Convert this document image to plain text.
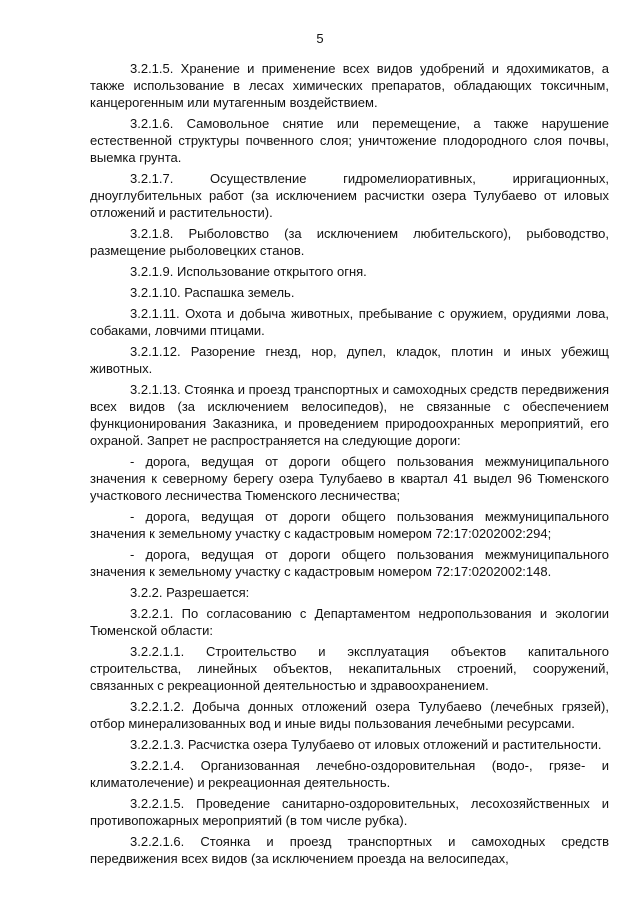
5

3.2.1.5. Хранение и применение всех видов удобрений и ядохимикатов, а также использование в лесах химических препаратов, обладающих токсичным, канцерогенным или мутагенным воздействием.

3.2.1.6. Самовольное снятие или перемещение, а также нарушение естественной структуры почвенного слоя; уничтожение плодородного слоя почвы, выемка грунта.

3.2.1.7. Осуществление гидромелиоративных, ирригационных, дноуглубительных работ (за исключением расчистки озера Тулубаево от иловых отложений и растительности).

3.2.1.8. Рыболовство (за исключением любительского), рыбоводство, размещение рыболовецких станов.

3.2.1.9. Использование открытого огня.

3.2.1.10. Распашка земель.

3.2.1.11. Охота и добыча животных, пребывание с оружием, орудиями лова, собаками, ловчими птицами.

3.2.1.12. Разорение гнезд, нор, дупел, кладок, плотин и иных убежищ животных.

3.2.1.13. Стоянка и проезд транспортных и самоходных средств передвижения всех видов (за исключением велосипедов), не связанные с обеспечением функционирования Заказника, и проведением природоохранных мероприятий, его охраной. Запрет не распространяется на следующие дороги:

- дорога, ведущая от дороги общего пользования межмуниципального значения к северному берегу озера Тулубаево в квартал 41 выдел 96 Тюменского участкового лесничества Тюменского лесничества;

- дорога, ведущая от дороги общего пользования межмуниципального значения к земельному участку с кадастровым номером 72:17:0202002:294;

- дорога, ведущая от дороги общего пользования межмуниципального значения к земельному участку с кадастровым номером 72:17:0202002:148.

3.2.2. Разрешается:

3.2.2.1. По согласованию с Департаментом недропользования и экологии Тюменской области:

3.2.2.1.1. Строительство и эксплуатация объектов капитального строительства, линейных объектов, некапитальных строений, сооружений, связанных с рекреационной деятельностью и здравоохранением.

3.2.2.1.2. Добыча донных отложений озера Тулубаево (лечебных грязей), отбор минерализованных вод и иные виды пользования лечебными ресурсами.

3.2.2.1.3. Расчистка озера Тулубаево от иловых отложений и растительности.

3.2.2.1.4. Организованная лечебно-оздоровительная (водо-, грязе- и климатолечение) и рекреационная деятельность.

3.2.2.1.5. Проведение санитарно-оздоровительных, лесохозяйственных и противопожарных мероприятий (в том числе рубка).

3.2.2.1.6. Стоянка и проезд транспортных и самоходных средств передвижения всех видов (за исключением проезда на велосипедах,
